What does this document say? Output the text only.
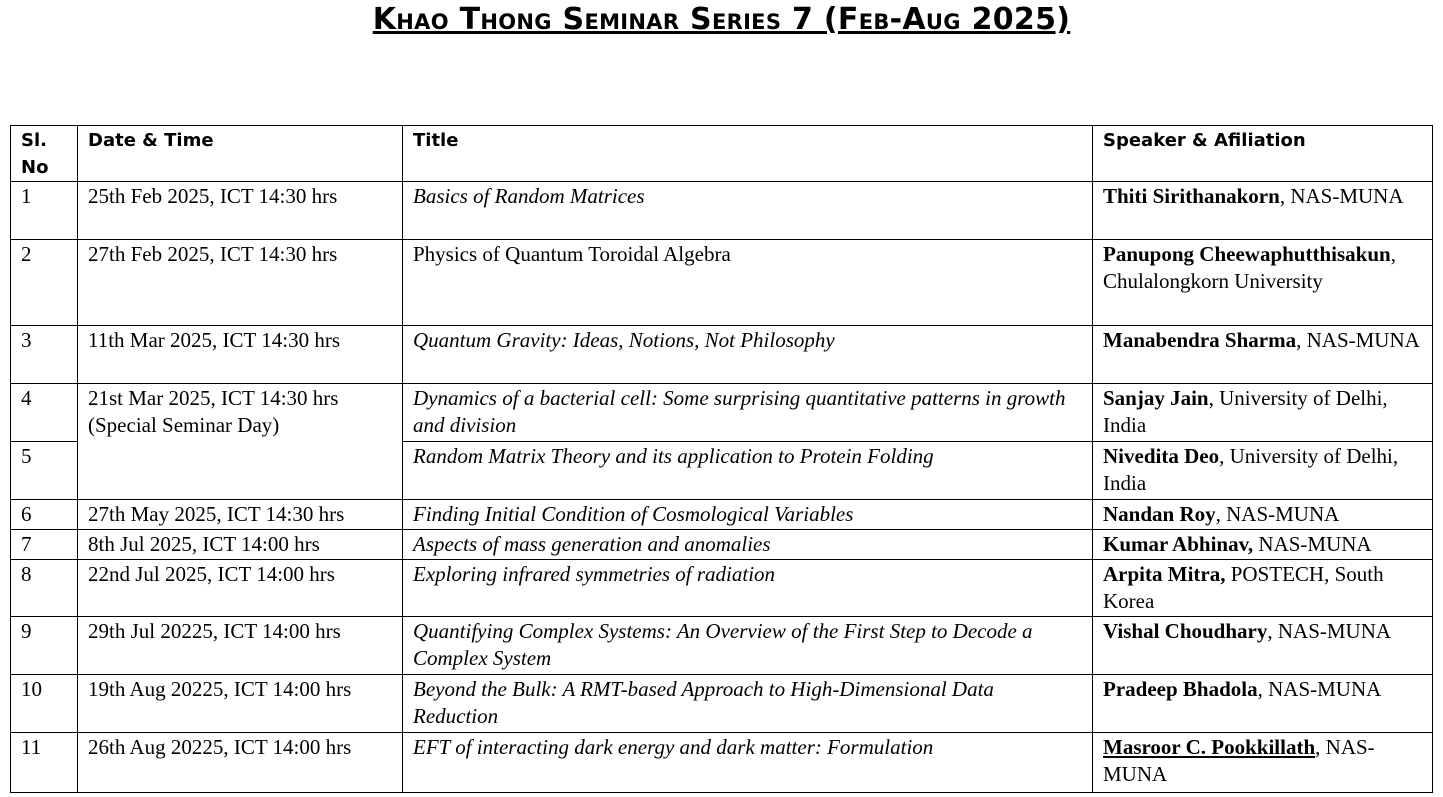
Khao Thong Seminar Series 7 (Feb-Aug 2025)
Sl. No	Date & Time	Title	Speaker & Afiliation
1	25th Feb 2025, ICT 14:30 hrs	Basics of Random Matrices	Thiti Sirithanakorn, NAS-MUNA
2	27th Feb 2025, ICT 14:30 hrs	Physics of Quantum Toroidal Algebra	Panupong Cheewaphutthisakun, Chulalongkorn University
3	11th Mar 2025, ICT 14:30 hrs	Quantum Gravity: Ideas, Notions, Not Philosophy	Manabendra Sharma, NAS-MUNA
4	21st Mar 2025, ICT 14:30 hrs (Special Seminar Day)	Dynamics of a bacterial cell: Some surprising quantitative patterns in growth and division	Sanjay Jain, University of Delhi, India
5		Random Matrix Theory and its application to Protein Folding	Nivedita Deo, University of Delhi, India
6	27th May 2025, ICT 14:30 hrs	Finding Initial Condition of Cosmological Variables	Nandan Roy, NAS-MUNA
7	8th Jul 2025, ICT 14:00 hrs	Aspects of mass generation and anomalies	Kumar Abhinav, NAS-MUNA
8	22nd Jul 2025, ICT 14:00 hrs	Exploring infrared symmetries of radiation	Arpita Mitra, POSTECH, South Korea
9	29th Jul 20225, ICT 14:00 hrs	Quantifying Complex Systems: An Overview of the First Step to Decode a Complex System	Vishal Choudhary, NAS-MUNA
10	19th Aug 20225, ICT 14:00 hrs	Beyond the Bulk: A RMT-based Approach to High-Dimensional Data Reduction	Pradeep Bhadola, NAS-MUNA
11	26th Aug 20225, ICT 14:00 hrs	EFT of interacting dark energy and dark matter: Formulation	Masroor C. Pookkillath, NAS-MUNA
